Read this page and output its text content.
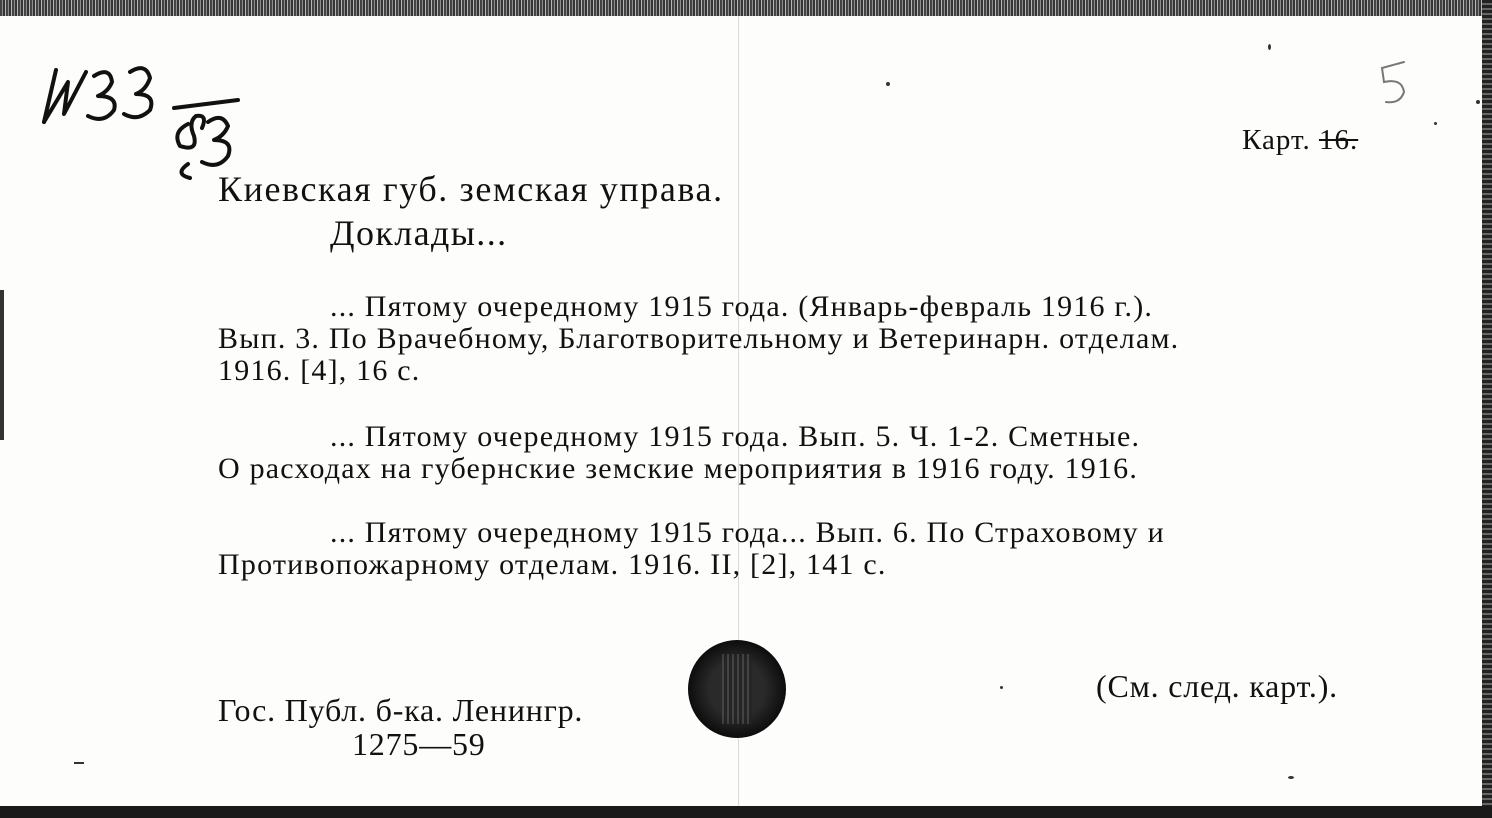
Карт. 16.
Киевская губ. земская управа.
Доклады...
... Пятому очередному 1915 года. (Январь-февраль 1916 г.).
Вып. 3. По Врачебному, Благотворительному и Ветеринарн. отделам.
1916. [4], 16 с.
... Пятому очередному 1915 года. Вып. 5. Ч. 1-2. Сметные.
О расходах на губернские земские мероприятия в 1916 году. 1916.
... Пятому очередному 1915 года... Вып. 6. По Страховому и
Противопожарному отделам. 1916. II, [2], 141 с.
(См. след. карт.).
Гос. Публ. б-ка. Ленингр.
1275—59
